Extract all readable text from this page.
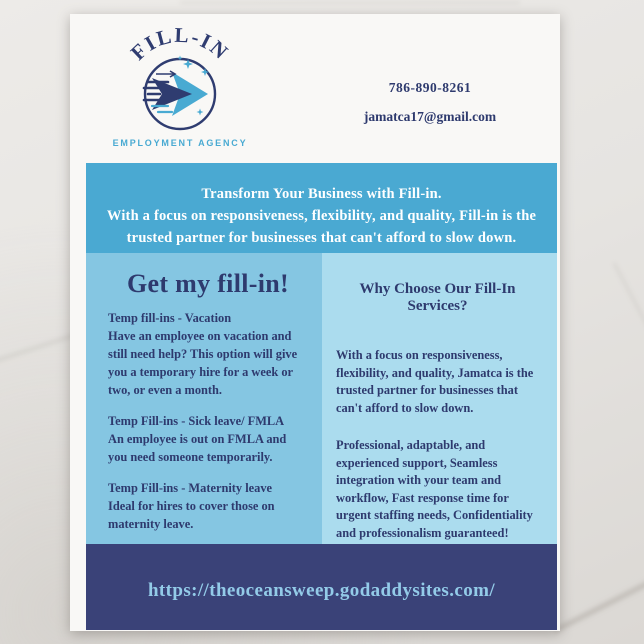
FILL-IN
EMPLOYMENT AGENCY
786-890-8261
jamatca17@gmail.com
Transform Your Business with Fill-in.
With a focus on responsiveness, flexibility, and quality, Fill-in is the
trusted partner for businesses that can't afford to slow down.
Get my fill-in!
Temp fill-ins - Vacation
Have an employee on vacation and still need help? This option will give you a temporary hire for a week or two, or even a month.
Temp Fill-ins - Sick leave/ FMLA
An employee is out on FMLA and you need someone temporarily.
Temp Fill-ins - Maternity leave
Ideal for hires to cover those on maternity leave.
Why Choose Our Fill-In Services?

With a focus on responsiveness, flexibility, and quality, Jamatca is the trusted partner for businesses that can't afford to slow down.

Professional, adaptable, and experienced support, Seamless integration with your team and workflow, Fast response time for urgent staffing needs, Confidentiality and professionalism guaranteed!

https://theoceansweep.godaddysites.com/
